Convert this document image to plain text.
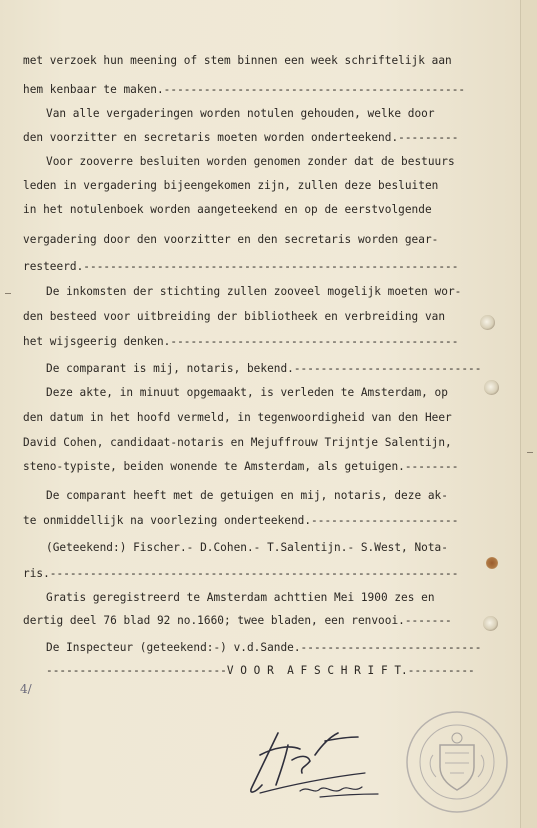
met verzoek hun meening of stem binnen een week schriftelijk aan
hem kenbaar te maken.---------------------------------------------
Van alle vergaderingen worden notulen gehouden, welke door
den voorzitter en secretaris moeten worden onderteekend.---------
Voor zooverre besluiten worden genomen zonder dat de bestuurs
leden in vergadering bijeengekomen zijn, zullen deze besluiten
in het notulenboek worden aangeteekend en op de eerstvolgende
vergadering door den voorzitter en den secretaris worden gear-
resteerd.--------------------------------------------------------
De inkomsten der stichting zullen zooveel mogelijk moeten wor-
den besteed voor uitbreiding der bibliotheek en verbreiding van
het wijsgeerig denken.-------------------------------------------
De comparant is mij, notaris, bekend.----------------------------
Deze akte, in minuut opgemaakt, is verleden te Amsterdam, op
den datum in het hoofd vermeld, in tegenwoordigheid van den Heer
David Cohen, candidaat-notaris en Mejuffrouw Trijntje Salentijn,
steno-typiste, beiden wonende te Amsterdam, als getuigen.--------
De comparant heeft met de getuigen en mij, notaris, deze ak-
te onmiddellijk na voorlezing onderteekend.----------------------
(Geteekend:) Fischer.- D.Cohen.- T.Salentijn.- S.West, Nota-
ris.-------------------------------------------------------------
Gratis geregistreerd te Amsterdam achttien Mei 1900 zes en
dertig deel 76 blad 92 no.1660; twee bladen, een renvooi.-------
De Inspecteur (geteekend:-) v.d.Sande.---------------------------
---------------------------V O O R  A F S C H R I F T.----------
4/
